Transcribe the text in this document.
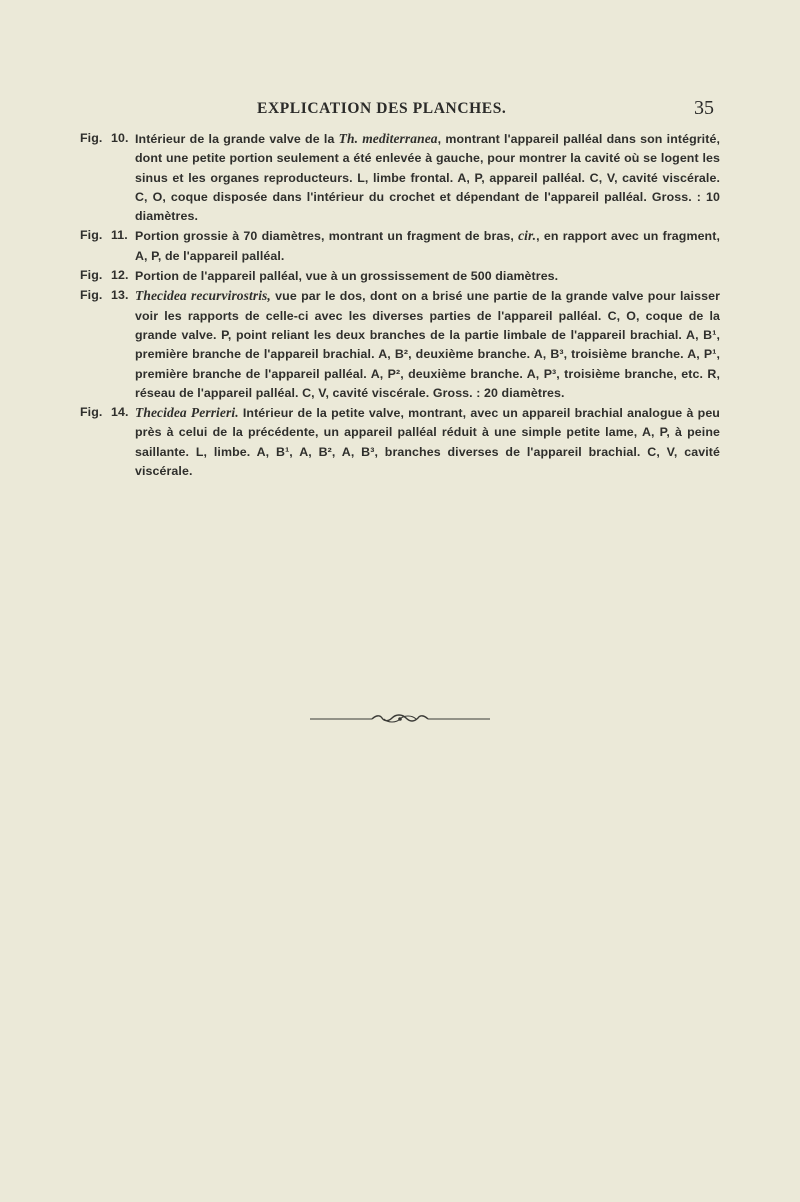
EXPLICATION DES PLANCHES.	35
Fig. 10. Intérieur de la grande valve de la Th. mediterranea, montrant l'appareil palléal dans son intégrité, dont une petite portion seulement a été enlevée à gauche, pour montrer la cavité où se logent les sinus et les organes reproducteurs. L, limbe frontal. A, P, appareil palléal. C, V, cavité viscérale. C, O, coque disposée dans l'intérieur du crochet et dépendant de l'appareil palléal. Gross. : 10 diamètres.
Fig. 11. Portion grossie à 70 diamètres, montrant un fragment de bras, cir., en rapport avec un fragment, A, P, de l'appareil palléal.
Fig. 12. Portion de l'appareil palléal, vue à un grossissement de 500 diamètres.
Fig. 13. Thecidea recurvirostris, vue par le dos, dont on a brisé une partie de la grande valve pour laisser voir les rapports de celle-ci avec les diverses parties de l'appareil palléal. C, O, coque de la grande valve. P, point reliant les deux branches de la partie limbale de l'appareil brachial. A, B¹, première branche de l'appareil brachial. A, B², deuxième branche. A, B³, troisième branche. A, P¹, première branche de l'appareil palléal. A, P², deuxième branche. A, P³, troisième branche, etc. R, réseau de l'appareil palléal. C, V, cavité viscérale. Gross. : 20 diamètres.
Fig. 14. Thecidea Perrieri. Intérieur de la petite valve, montrant, avec un appareil brachial analogue à peu près à celui de la précédente, un appareil palléal réduit à une simple petite lame, A, P, à peine saillante. L, limbe. A, B¹, A, B², A, B³, branches diverses de l'appareil brachial. C, V, cavité viscérale.
